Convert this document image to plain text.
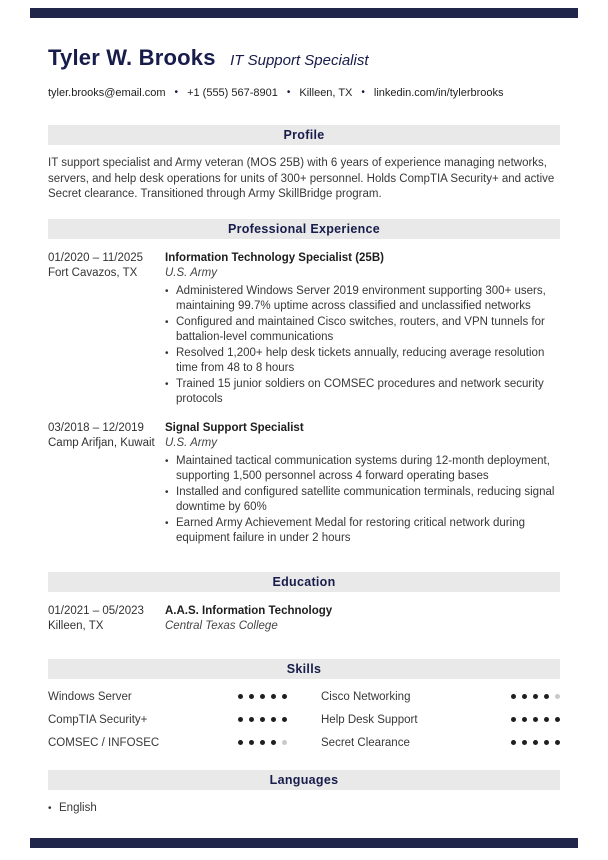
Tyler W. Brooks IT Support Specialist
tyler.brooks@email.com • +1 (555) 567-8901 • Killeen, TX • linkedin.com/in/tylerbrooks
Profile

IT support specialist and Army veteran (MOS 25B) with 6 years of experience managing networks, servers, and help desk operations for units of 300+ personnel. Holds CompTIA Security+ and active Secret clearance. Transitioned through Army SkillBridge program.

Professional Experience
01/2020 – 11/2025
Fort Cavazos, TX
Information Technology Specialist (25B)
U.S. Army
• Administered Windows Server 2019 environment supporting 300+ users, maintaining 99.7% uptime across classified and unclassified networks
• Configured and maintained Cisco switches, routers, and VPN tunnels for battalion-level communications
• Resolved 1,200+ help desk tickets annually, reducing average resolution time from 48 to 8 hours
• Trained 15 junior soldiers on COMSEC procedures and network security protocols
03/2018 – 12/2019
Camp Arifjan, Kuwait
Signal Support Specialist
U.S. Army
• Maintained tactical communication systems during 12-month deployment, supporting 1,500 personnel across 4 forward operating bases
• Installed and configured satellite communication terminals, reducing signal downtime by 60%
• Earned Army Achievement Medal for restoring critical network during equipment failure in under 2 hours
Education
01/2021 – 05/2023
Killeen, TX
A.A.S. Information Technology
Central Texas College
Skills
Windows Server	Cisco Networking
CompTIA Security+	Help Desk Support
COMSEC / INFOSEC	Secret Clearance
Languages
• English
